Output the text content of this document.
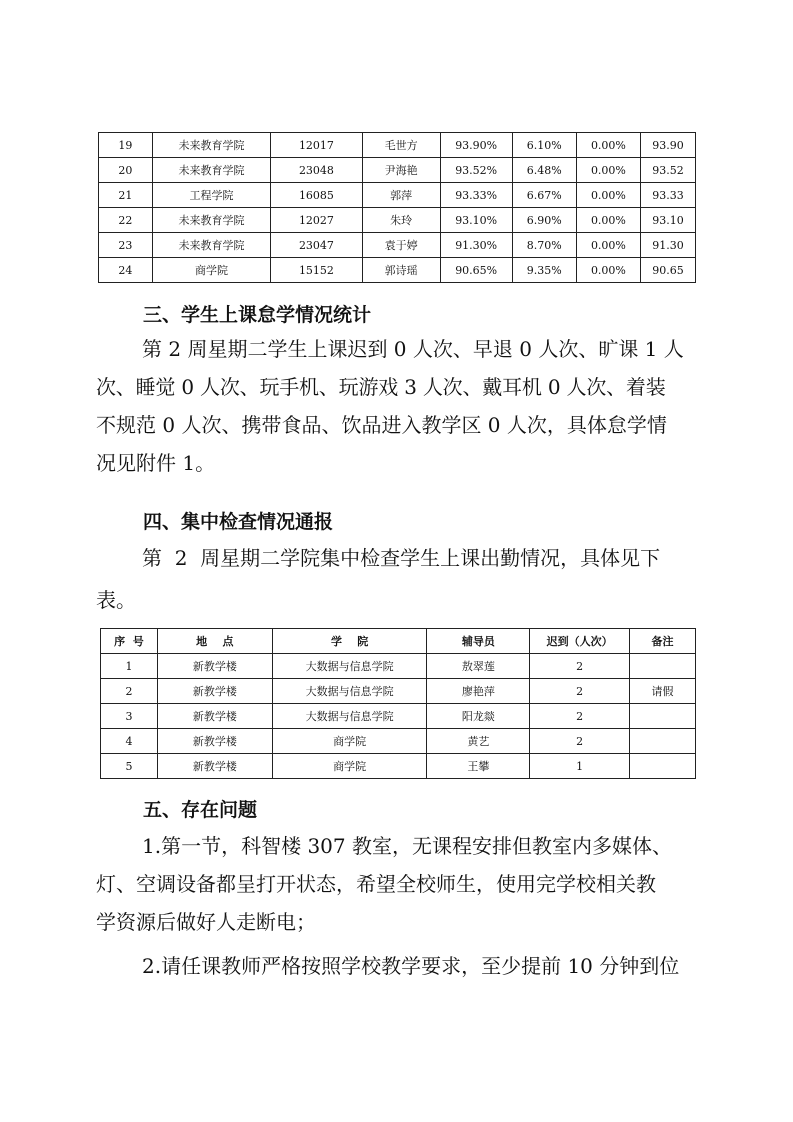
19	未来教育学院	12017	毛世方	93.90%	6.10%	0.00%	93.90
20	未来教育学院	23048	尹海艳	93.52%	6.48%	0.00%	93.52
21	工程学院	16085	郭萍	93.33%	6.67%	0.00%	93.33
22	未来教育学院	12027	朱玲	93.10%	6.90%	0.00%	93.10
23	未来教育学院	23047	袁于婷	91.30%	8.70%	0.00%	91.30
24	商学院	15152	郭诗瑶	90.65%	9.35%	0.00%	90.65
三、学生上课怠学情况统计
第 2 周星期二学生上课迟到 0 人次、早退 0 人次、旷课 1 人
次、睡觉 0 人次、玩手机、玩游戏 3 人次、戴耳机 0 人次、着装
不规范 0 人次、携带食品、饮品进入教学区 0 人次，具体怠学情
况见附件 1。
四、集中检查情况通报
第  2  周星期二学院集中检查学生上课出勤情况，具体见下
表。
序  号	地    点	学    院	辅导员	迟到（人次）	备注
1	新教学楼	大数据与信息学院	敖翠莲	2	
2	新教学楼	大数据与信息学院	廖艳萍	2	请假
3	新教学楼	大数据与信息学院	阳龙燚	2	
4	新教学楼	商学院	黄艺	2	
5	新教学楼	商学院	王攀	1	
五、存在问题
1.第一节，科智楼 307 教室，无课程安排但教室内多媒体、
灯、空调设备都呈打开状态，希望全校师生，使用完学校相关教
学资源后做好人走断电；
2.请任课教师严格按照学校教学要求，至少提前 10 分钟到位
